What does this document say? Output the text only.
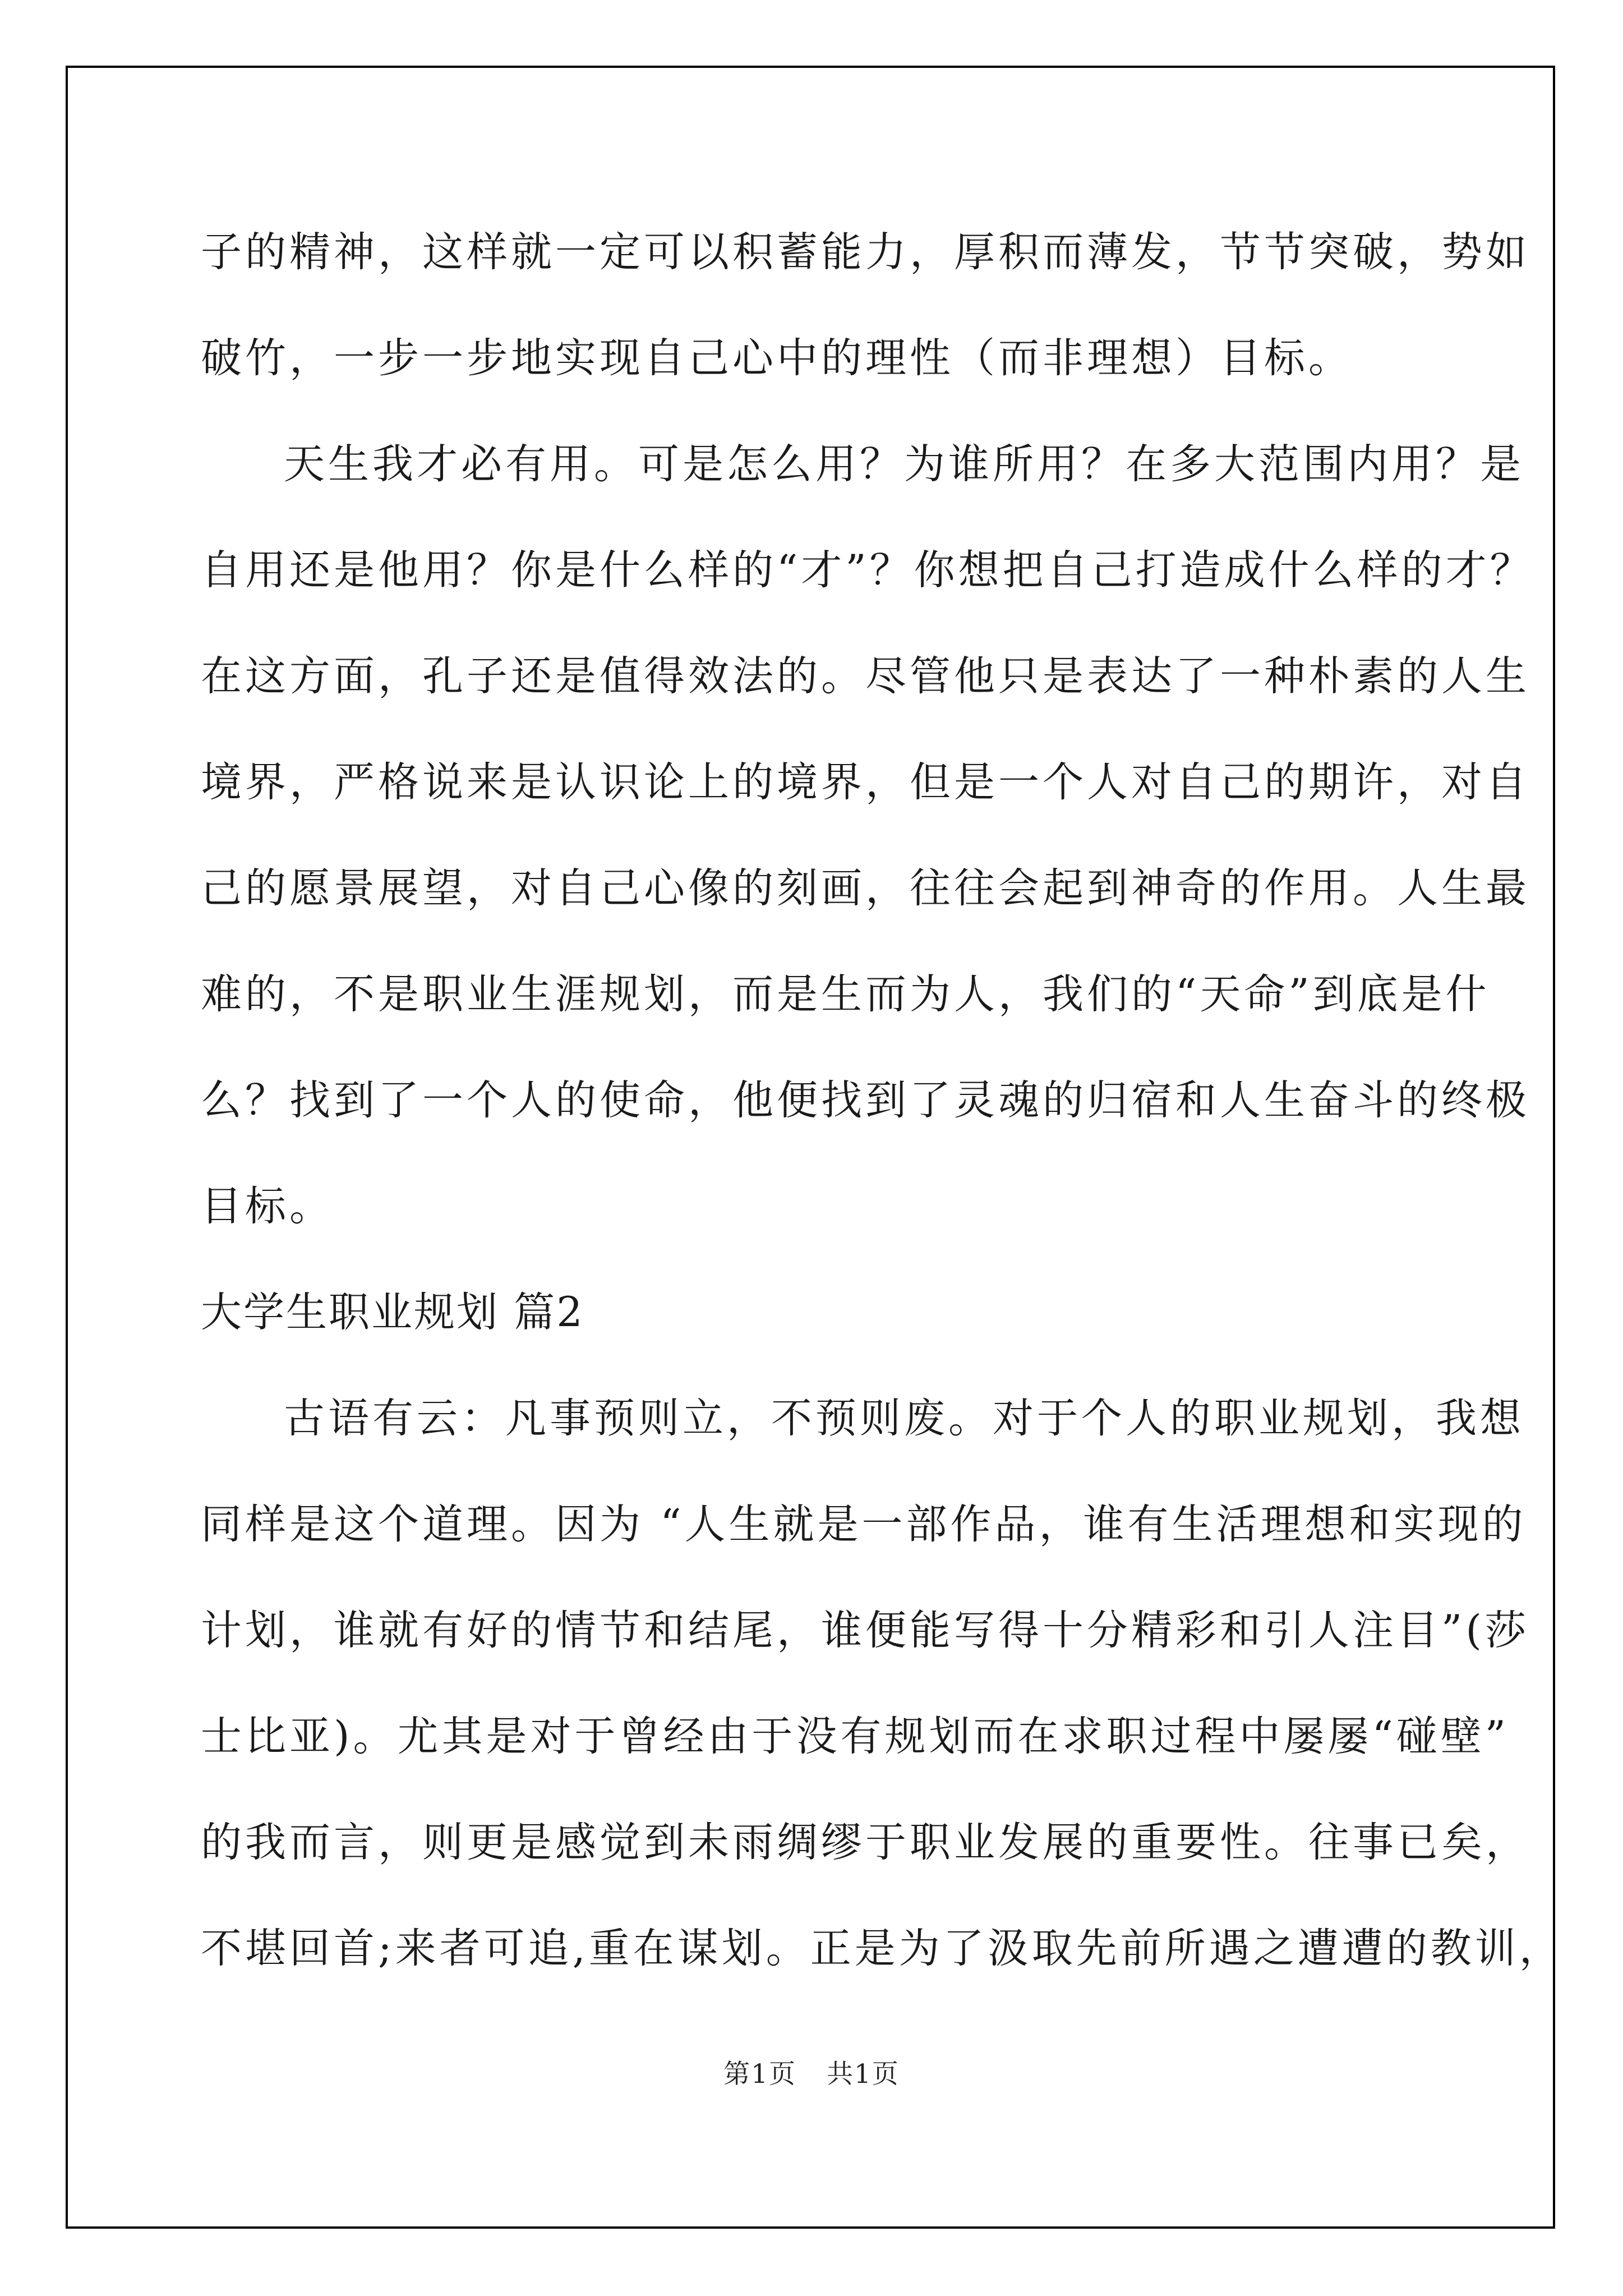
子的精神，这样就一定可以积蓄能力，厚积而薄发，节节突破，势如
破竹，一步一步地实现自己心中的理性（而非理想）目标。
天生我才必有用。可是怎么用？为谁所用？在多大范围内用？是
自用还是他用？你是什么样的“才”？你想把自己打造成什么样的才？
在这方面，孔子还是值得效法的。尽管他只是表达了一种朴素的人生
境界，严格说来是认识论上的境界，但是一个人对自己的期许，对自
己的愿景展望，对自己心像的刻画，往往会起到神奇的作用。人生最
难的，不是职业生涯规划，而是生而为人，我们的“天命”到底是什
么？找到了一个人的使命，他便找到了灵魂的归宿和人生奋斗的终极
目标。
大学生职业规划 篇2
古语有云：凡事预则立，不预则废。对于个人的职业规划，我想
同样是这个道理。因为 “人生就是一部作品，谁有生活理想和实现的
计划，谁就有好的情节和结尾，谁便能写得十分精彩和引人注目”(莎
士比亚)。尤其是对于曾经由于没有规划而在求职过程中屡屡“碰壁”
的我而言，则更是感觉到未雨绸缪于职业发展的重要性。往事已矣，
不堪回首;来者可追,重在谋划。正是为了汲取先前所遇之遭遭的教训，
第1页 共1页
